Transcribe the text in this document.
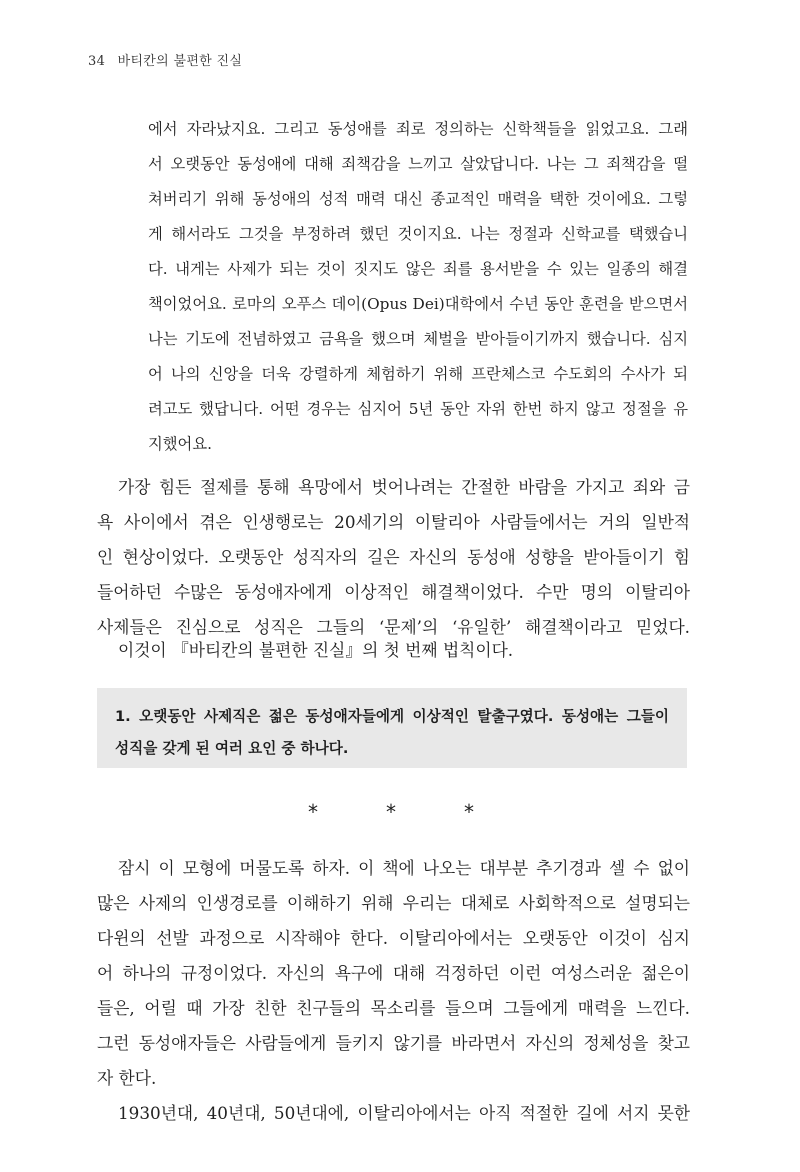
34 바티칸의 불편한 진실
에서 자라났지요. 그리고 동성애를 죄로 정의하는 신학책들을 읽었고요. 그래
서 오랫동안 동성애에 대해 죄책감을 느끼고 살았답니다. 나는 그 죄책감을 떨
쳐버리기 위해 동성애의 성적 매력 대신 종교적인 매력을 택한 것이에요. 그렇
게 해서라도 그것을 부정하려 했던 것이지요. 나는 정절과 신학교를 택했습니
다. 내게는 사제가 되는 것이 짓지도 않은 죄를 용서받을 수 있는 일종의 해결
책이었어요. 로마의 오푸스 데이(Opus Dei)대학에서 수년 동안 훈련을 받으면서
나는 기도에 전념하였고 금욕을 했으며 체벌을 받아들이기까지 했습니다. 심지
어 나의 신앙을 더욱 강렬하게 체험하기 위해 프란체스코 수도회의 수사가 되
려고도 했답니다. 어떤 경우는 심지어 5년 동안 자위 한번 하지 않고 정절을 유
지했어요.
가장 힘든 절제를 통해 욕망에서 벗어나려는 간절한 바람을 가지고 죄와 금
욕 사이에서 겪은 인생행로는 20세기의 이탈리아 사람들에서는 거의 일반적
인 현상이었다. 오랫동안 성직자의 길은 자신의 동성애 성향을 받아들이기 힘
들어하던 수많은 동성애자에게 이상적인 해결책이었다. 수만 명의 이탈리아
사제들은 진심으로 성직은 그들의 ‘문제’의 ‘유일한’ 해결책이라고 믿었다.
이것이 『바티칸의 불편한 진실』의 첫 번째 법칙이다.
1. 오랫동안 사제직은 젊은 동성애자들에게 이상적인 탈출구였다. 동성애는 그들이
성직을 갖게 된 여러 요인 중 하나다.
*	*	*
잠시 이 모형에 머물도록 하자. 이 책에 나오는 대부분 추기경과 셀 수 없이
많은 사제의 인생경로를 이해하기 위해 우리는 대체로 사회학적으로 설명되는
다윈의 선발 과정으로 시작해야 한다. 이탈리아에서는 오랫동안 이것이 심지
어 하나의 규정이었다. 자신의 욕구에 대해 걱정하던 이런 여성스러운 젊은이
들은, 어릴 때 가장 친한 친구들의 목소리를 들으며 그들에게 매력을 느낀다.
그런 동성애자들은 사람들에게 들키지 않기를 바라면서 자신의 정체성을 찾고
자 한다.
1930년대, 40년대, 50년대에, 이탈리아에서는 아직 적절한 길에 서지 못한
